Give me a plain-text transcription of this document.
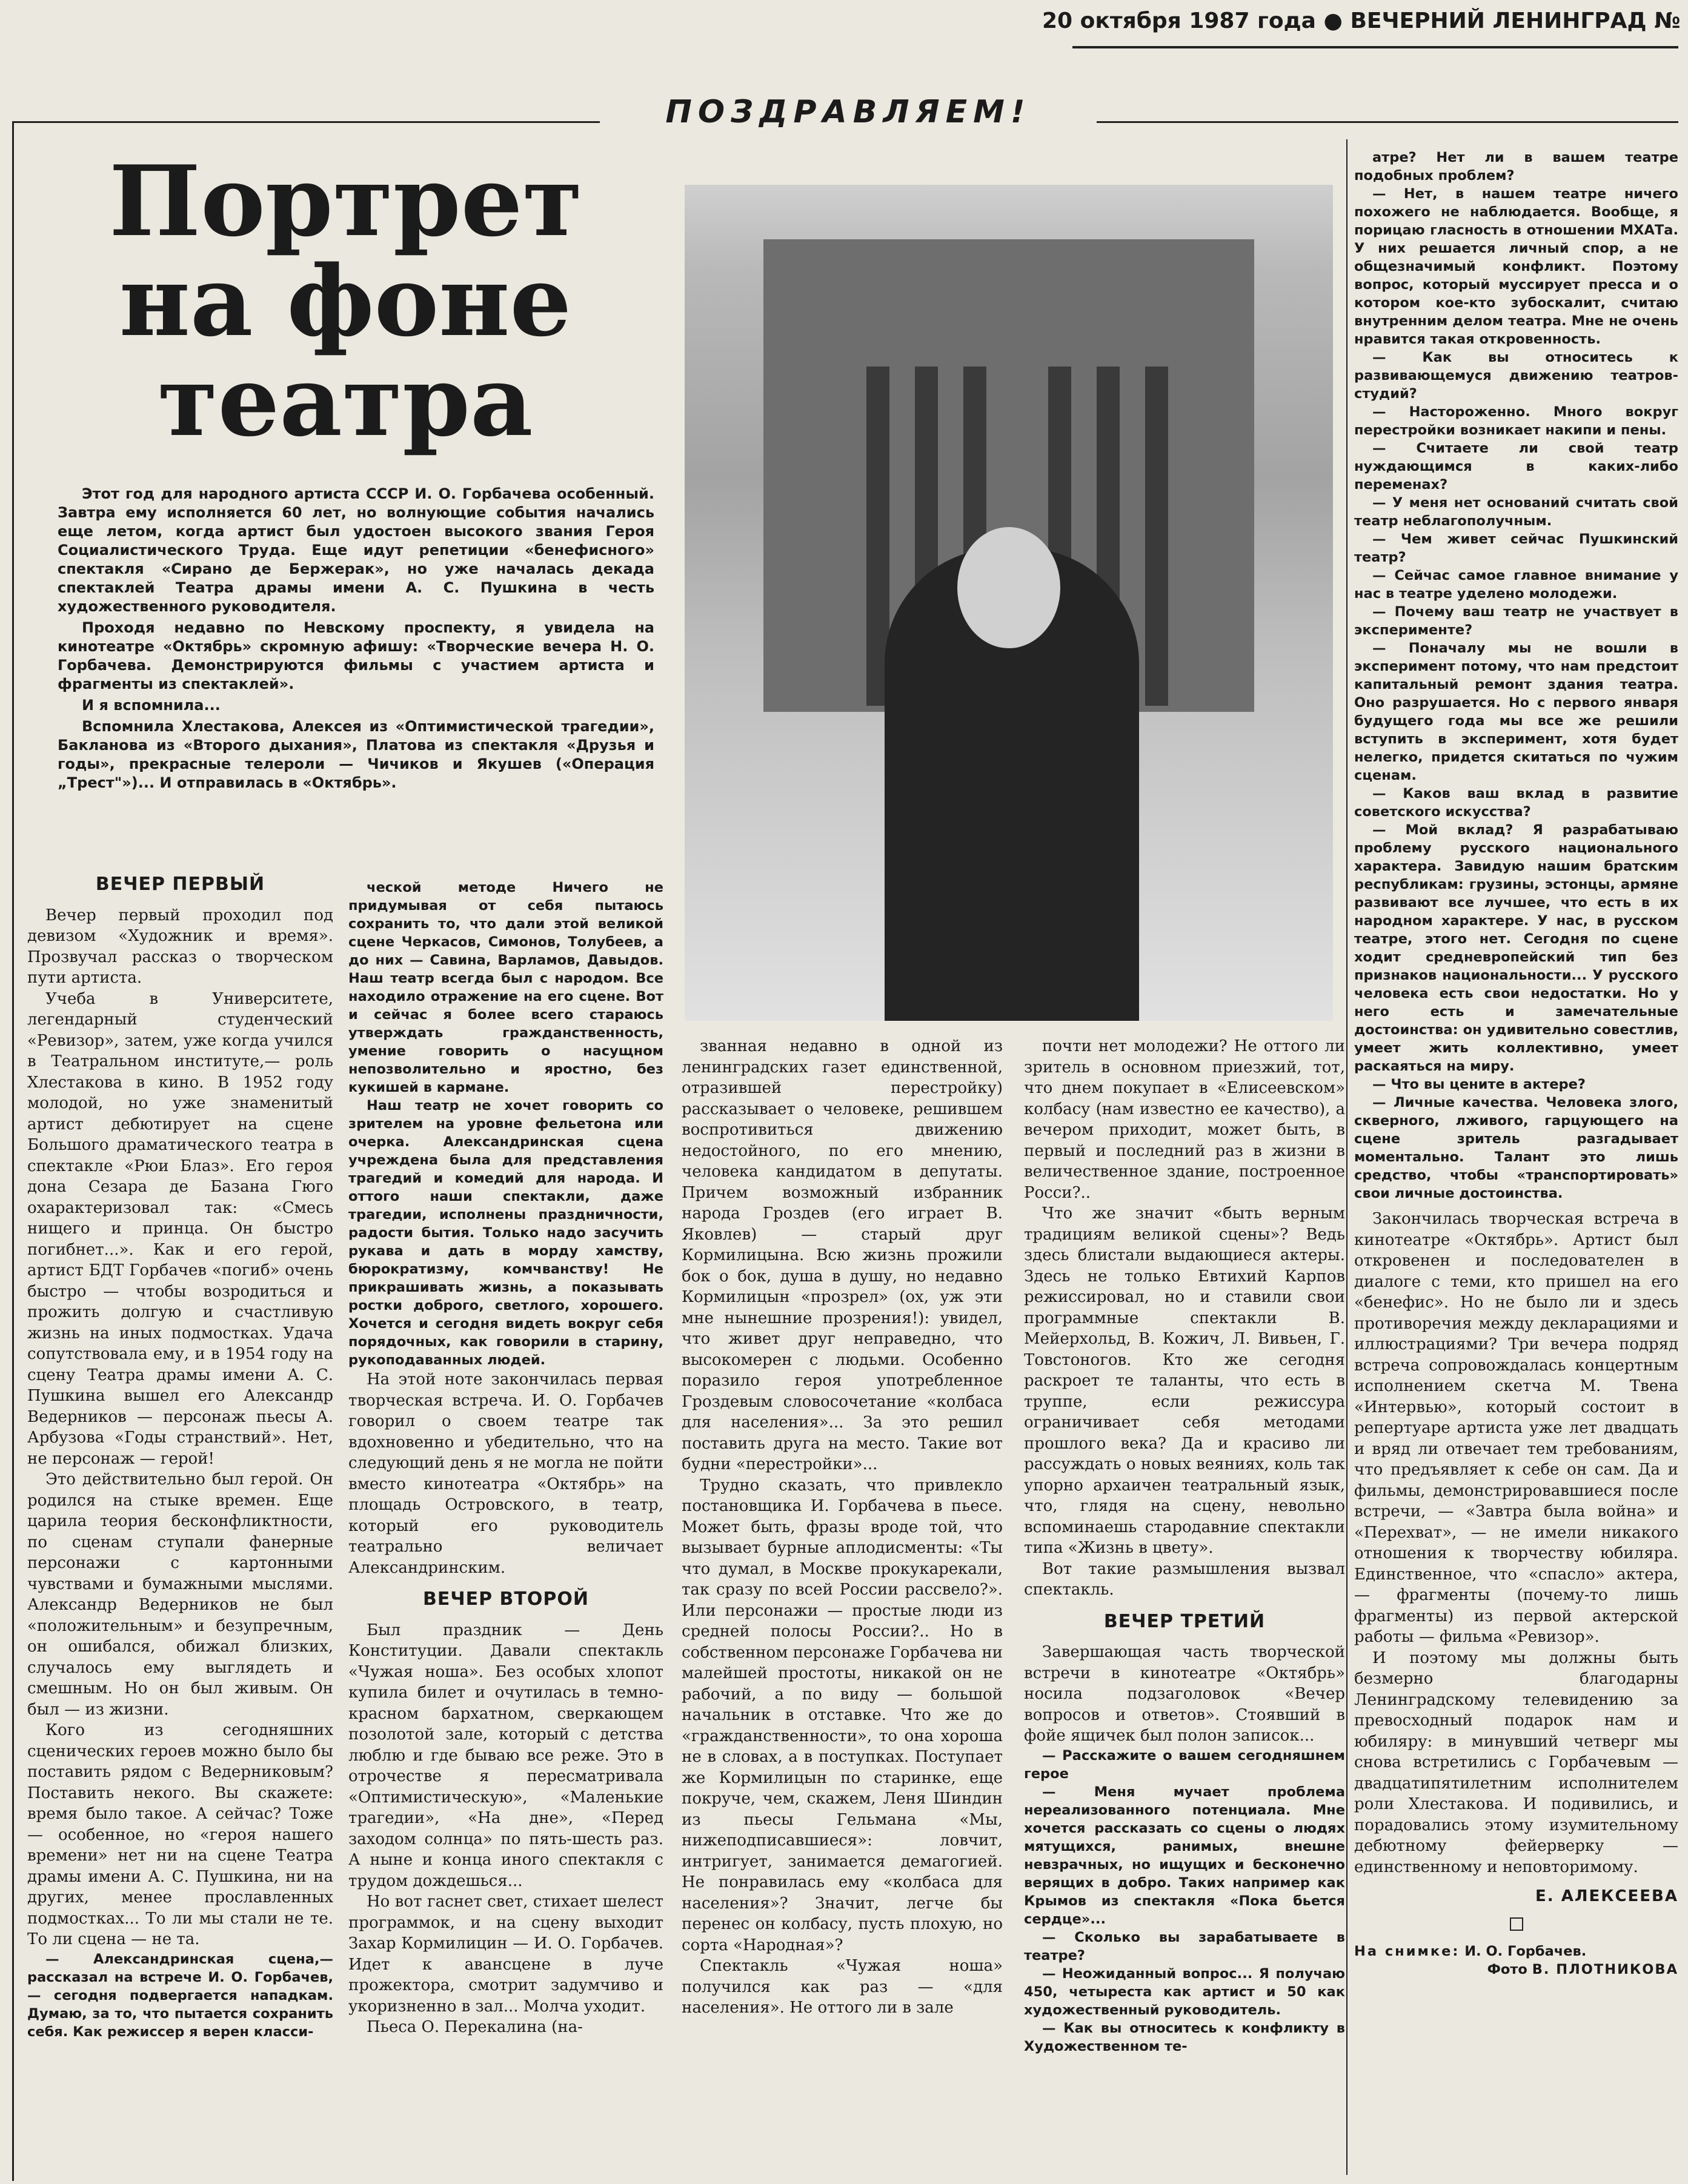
20 октября 1987 года ● ВЕЧЕРНИЙ ЛЕНИНГРАД №
ПОЗДРАВЛЯЕМ!
Портрет
на фоне
театра

Этот год для народного артиста СССР И. О. Горбачева особенный. Завтра ему исполняется 60 лет, но волнующие события начались еще летом, когда артист был удостоен высокого звания Героя Социалистического Труда. Еще идут репетиции «бенефисного» спектакля «Сирано де Бержерак», но уже началась декада спектаклей Театра драмы имени А. С. Пушкина в честь художественного руководителя.

Проходя недавно по Невскому проспекту, я увидела на кинотеатре «Октябрь» скромную афишу: «Творческие вечера Н. О. Горбачева. Демонстрируются фильмы с участием артиста и фрагменты из спектаклей».

И я вспомнила...

Вспомнила Хлестакова, Алексея из «Оптимистической трагедии», Бакланова из «Второго дыхания», Платова из спектакля «Друзья и годы», прекрасные телероли — Чичиков и Якушев («Операция „Трест"»)... И отправилась в «Октябрь».

ВЕЧЕР ПЕРВЫЙ

Вечер первый проходил под девизом «Художник и время». Прозвучал рассказ о творческом пути артиста.

Учеба в Университете, легендарный студенческий «Ревизор», затем, уже когда учился в Театральном институте,— роль Хлестакова в кино. В 1952 году молодой, но уже знаменитый артист дебютирует на сцене Большого драматического театра в спектакле «Рюи Блаз». Его героя дона Сезара де Базана Гюго охарактеризовал так: «Смесь нищего и принца. Он быстро погибнет...». Как и его герой, артист БДТ Горбачев «погиб» очень быстро — чтобы возродиться и прожить долгую и счастливую жизнь на иных подмостках. Удача сопутствовала ему, и в 1954 году на сцену Театра драмы имени А. С. Пушкина вышел его Александр Ведерников — персонаж пьесы А. Арбузова «Годы странствий». Нет, не персонаж — герой!

Это действительно был герой. Он родился на стыке времен. Еще царила теория бесконфликтности, по сценам ступали фанерные персонажи с картонными чувствами и бумажными мыслями. Александр Ведерников не был «положительным» и безупречным, он ошибался, обижал близких, случалось ему выглядеть и смешным. Но он был живым. Он был — из жизни.

Кого из сегодняшних сценических героев можно было бы поставить рядом с Ведерниковым? Поставить некого. Вы скажете: время было такое. А сейчас? Тоже — особенное, но «героя нашего времени» нет ни на сцене Театра драмы имени А. С. Пушкина, ни на других, менее прославленных подмостках... То ли мы стали не те. То ли сцена — не та.

— Александринская сцена,— рассказал на встрече И. О. Горбачев,— сегодня подвергается нападкам. Думаю, за то, что пытается сохранить себя. Как режиссер я верен класси-

ческой методе Ничего не придумывая от себя пытаюсь сохранить то, что дали этой великой сцене Черкасов, Симонов, Толубеев, а до них — Савина, Варламов, Давыдов. Наш театр всегда был с народом. Все находило отражение на его сцене. Вот и сейчас я более всего стараюсь утверждать гражданственность, умение говорить о насущном непозволительно и яростно, без кукишей в кармане.

Наш театр не хочет говорить со зрителем на уровне фельетона или очерка. Александринская сцена учреждена была для представления трагедий и комедий для народа. И оттого наши спектакли, даже трагедии, исполнены праздничности, радости бытия. Только надо засучить рукава и дать в морду хамству, бюрократизму, комчванству! Не прикрашивать жизнь, а показывать ростки доброго, светлого, хорошего. Хочется и сегодня видеть вокруг себя порядочных, как говорили в старину, рукоподаванных людей.

На этой ноте закончилась первая творческая встреча. И. О. Горбачев говорил о своем театре так вдохновенно и убедительно, что на следующий день я не могла не пойти вместо кинотеатра «Октябрь» на площадь Островского, в театр, который его руководитель театрально величает Александринским.

ВЕЧЕР ВТОРОЙ

Был праздник — День Конституции. Давали спектакль «Чужая ноша». Без особых хлопот купила билет и очутилась в темно-красном бархатном, сверкающем позолотой зале, который с детства люблю и где бываю все реже. Это в отрочестве я пересматривала «Оптимистическую», «Маленькие трагедии», «На дне», «Перед заходом солнца» по пять-шесть раз. А ныне и конца иного спектакля с трудом дождешься...

Но вот гаснет свет, стихает шелест программок, и на сцену выходит Захар Кормилицин — И. О. Горбачев. Идет к авансцене в луче прожектора, смотрит задумчиво и укоризненно в зал... Молча уходит.

Пьеса О. Перекалина (на-

званная недавно в одной из ленинградских газет единственной, отразившей перестройку) рассказывает о человеке, решившем воспротивиться движению недостойного, по его мнению, человека кандидатом в депутаты. Причем возможный избранник народа Гроздев (его играет В. Яковлев) — старый друг Кормилицына. Всю жизнь прожили бок о бок, душа в душу, но недавно Кормилицын «прозрел» (ох, уж эти мне нынешние прозрения!): увидел, что живет друг неправедно, что высокомерен с людьми. Особенно поразило героя употребленное Гроздевым словосочетание «колбаса для населения»... За это решил поставить друга на место. Такие вот будни «перестройки»...

Трудно сказать, что привлекло постановщика И. Горбачева в пьесе. Может быть, фразы вроде той, что вызывает бурные аплодисменты: «Ты что думал, в Москве прокукарекали, так сразу по всей России рассвело?». Или персонажи — простые люди из средней полосы России?.. Но в собственном персонаже Горбачева ни малейшей простоты, никакой он не рабочий, а по виду — большой начальник в отставке. Что же до «гражданственности», то она хороша не в словах, а в поступках. Поступает же Кормилицын по старинке, еще покруче, чем, скажем, Леня Шиндин из пьесы Гельмана «Мы, нижеподписавшиеся»: ловчит, интригует, занимается демагогией. Не понравилась ему «колбаса для населения»? Значит, легче бы перенес он колбасу, пусть плохую, но сорта «Народная»?

Спектакль «Чужая ноша» получился как раз — «для населения». Не оттого ли в зале

почти нет молодежи? Не оттого ли зритель в основном приезжий, тот, что днем покупает в «Елисеевском» колбасу (нам известно ее качество), а вечером приходит, может быть, в первый и последний раз в жизни в величественное здание, построенное Росси?..

Что же значит «быть верным традициям великой сцены»? Ведь здесь блистали выдающиеся актеры. Здесь не только Евтихий Карпов режиссировал, но и ставили свои программные спектакли В. Мейерхольд, В. Кожич, Л. Вивьен, Г. Товстоногов. Кто же сегодня раскроет те таланты, что есть в труппе, если режиссура ограничивает себя методами прошлого века? Да и красиво ли рассуждать о новых веяниях, коль так упорно архаичен театральный язык, что, глядя на сцену, невольно вспоминаешь стародавние спектакли типа «Жизнь в цвету».

Вот такие размышления вызвал спектакль.

ВЕЧЕР ТРЕТИЙ

Завершающая часть творческой встречи в кинотеатре «Октябрь» носила подзаголовок «Вечер вопросов и ответов». Стоявший в фойе ящичек был полон записок...

— Расскажите о вашем сегодняшнем герое

— Меня мучает проблема нереализованного потенциала. Мне хочется рассказать со сцены о людях мятущихся, ранимых, внешне невзрачных, но ищущих и бесконечно верящих в добро. Таких например как Крымов из спектакля «Пока бьется сердце»...

— Сколько вы зарабатываете в театре?

— Неожиданный вопрос... Я получаю 450, четыреста как артист и 50 как художественный руководитель.

— Как вы относитесь к конфликту в Художественном те-

атре? Нет ли в вашем театре подобных проблем?

— Нет, в нашем театре ничего похожего не наблюдается. Вообще, я порицаю гласность в отношении МХАТа. У них решается личный спор, а не общезначимый конфликт. Поэтому вопрос, который муссирует пресса и о котором кое-кто зубоскалит, считаю внутренним делом театра. Мне не очень нравится такая откровенность.

— Как вы относитесь к развивающемуся движению театров-студий?

— Настороженно. Много вокруг перестройки возникает накипи и пены.

— Считаете ли свой театр нуждающимся в каких-либо переменах?

— У меня нет оснований считать свой театр неблагополучным.

— Чем живет сейчас Пушкинский театр?

— Сейчас самое главное внимание у нас в театре уделено молодежи.

— Почему ваш театр не участвует в эксперименте?

— Поначалу мы не вошли в эксперимент потому, что нам предстоит капитальный ремонт здания театра. Оно разрушается. Но с первого января будущего года мы все же решили вступить в эксперимент, хотя будет нелегко, придется скитаться по чужим сценам.

— Каков ваш вклад в развитие советского искусства?

— Мой вклад? Я разрабатываю проблему русского национального характера. Завидую нашим братским республикам: грузины, эстонцы, армяне развивают все лучшее, что есть в их народном характере. У нас, в русском театре, этого нет. Сегодня по сцене ходит средневропейский тип без признаков национальности... У русского человека есть свои недостатки. Но у него есть и замечательные достоинства: он удивительно совестлив, умеет жить коллективно, умеет раскаяться на миру.

— Что вы цените в актере?

— Личные качества. Человека злого, скверного, лживого, гарцующего на сцене зритель разгадывает моментально. Талант это лишь средство, чтобы «транспортировать» свои личные достоинства.

Закончилась творческая встреча в кинотеатре «Октябрь». Артист был откровенен и последователен в диалоге с теми, кто пришел на его «бенефис». Но не было ли и здесь противоречия между декларациями и иллюстрациями? Три вечера подряд встреча сопровождалась концертным исполнением скетча М. Твена «Интервью», который состоит в репертуаре артиста уже лет двадцать и вряд ли отвечает тем требованиям, что предъявляет к себе он сам. Да и фильмы, демонстрировавшиеся после встречи, — «Завтра была война» и «Перехват», — не имели никакого отношения к творчеству юбиляра. Единственное, что «спасло» актера, — фрагменты (почему-то лишь фрагменты) из первой актерской работы — фильма «Ревизор».

И поэтому мы должны быть безмерно благодарны Ленинградскому телевидению за превосходный подарок нам и юбиляру: в минувший четверг мы снова встретились с Горбачевым — двадцатипятилетним исполнителем роли Хлестакова. И подивились, и порадовались этому изумительному дебютному фейерверку — единственному и неповторимому.

Е. АЛЕКСЕЕВА

На снимке: И. О. Горбачев.

Фото В. ПЛОТНИКОВА
